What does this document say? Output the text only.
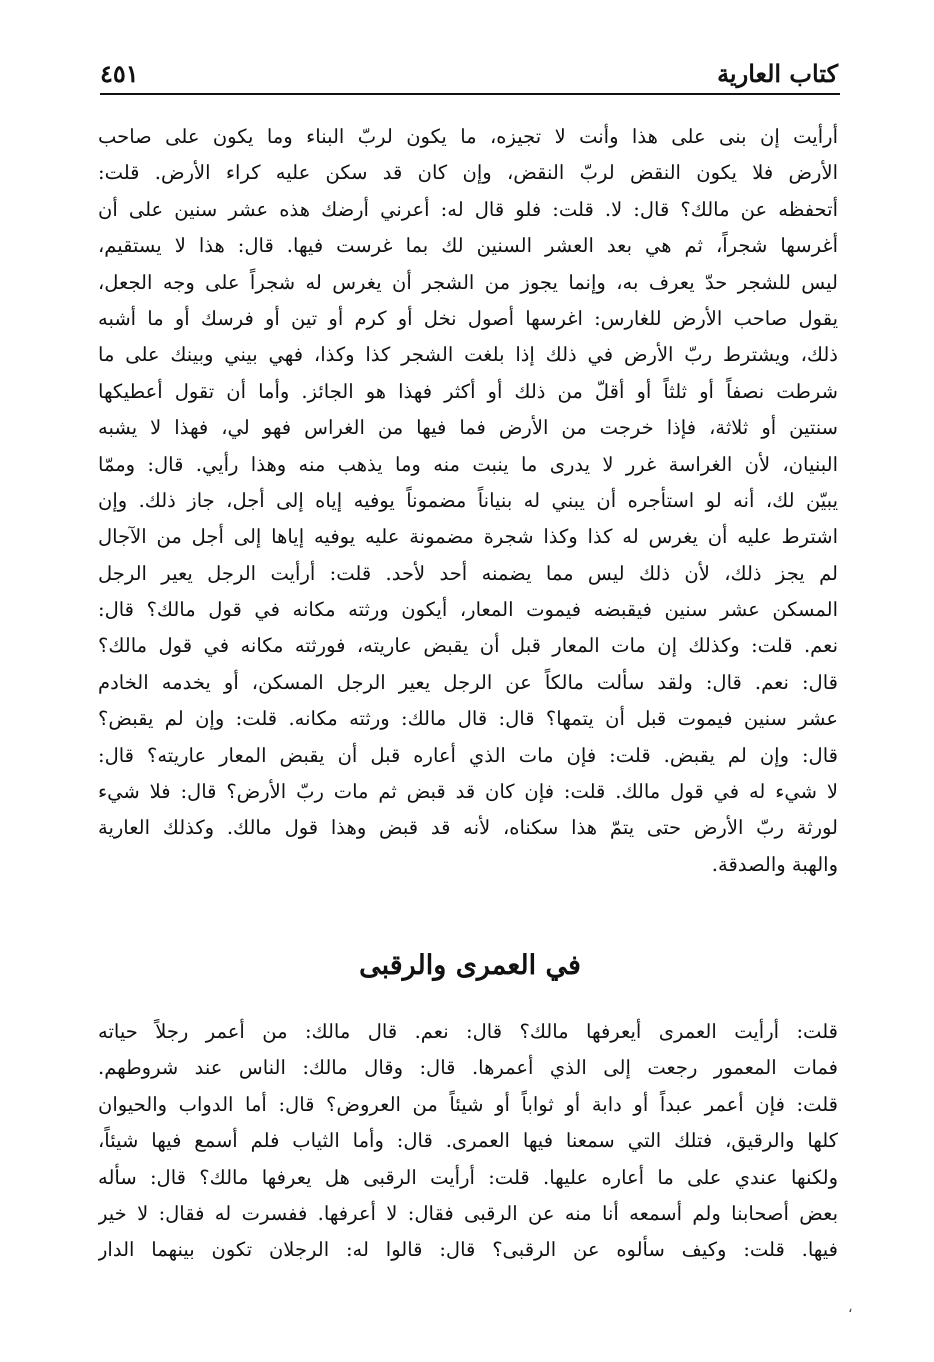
كتاب العارية
٤٥١
أرأيت إن بنى على هذا وأنت لا تجيزه، ما يكون لربّ البناء وما يكون على صاحب
الأرض فلا يكون النقض لربّ النقض، وإن كان قد سكن عليه كراء الأرض. قلت:
أتحفظه عن مالك؟ قال: لا. قلت: فلو قال له: أعرني أرضك هذه عشر سنين على أن
أغرسها شجراً، ثم هي بعد العشر السنين لك بما غرست فيها. قال: هذا لا يستقيم،
ليس للشجر حدّ يعرف به، وإنما يجوز من الشجر أن يغرس له شجراً على وجه الجعل،
يقول صاحب الأرض للغارس: اغرسها أصول نخل أو كرم أو تين أو فرسك أو ما أشبه
ذلك، ويشترط ربّ الأرض في ذلك إذا بلغت الشجر كذا وكذا، فهي بيني وبينك على ما
شرطت نصفاً أو ثلثاً أو أقلّ من ذلك أو أكثر فهذا هو الجائز. وأما أن تقول أعطيكها
سنتين أو ثلاثة، فإذا خرجت من الأرض فما فيها من الغراس فهو لي، فهذا لا يشبه
البنيان، لأن الغراسة غرر لا يدرى ما ينبت منه وما يذهب منه وهذا رأيي. قال: وممّا
يبيّن لك، أنه لو استأجره أن يبني له بنياناً مضموناً يوفيه إياه إلى أجل، جاز ذلك. وإن
اشترط عليه أن يغرس له كذا وكذا شجرة مضمونة عليه يوفيه إياها إلى أجل من الآجال
لم يجز ذلك، لأن ذلك ليس مما يضمنه أحد لأحد. قلت: أرأيت الرجل يعير الرجل
المسكن عشر سنين فيقبضه فيموت المعار، أيكون ورثته مكانه في قول مالك؟ قال:
نعم. قلت: وكذلك إن مات المعار قبل أن يقبض عاريته، فورثته مكانه في قول مالك؟
قال: نعم. قال: ولقد سألت مالكاً عن الرجل يعير الرجل المسكن، أو يخدمه الخادم
عشر سنين فيموت قبل أن يتمها؟ قال: قال مالك: ورثته مكانه. قلت: وإن لم يقبض؟
قال: وإن لم يقبض. قلت: فإن مات الذي أعاره قبل أن يقبض المعار عاريته؟ قال:
لا شيء له في قول مالك. قلت: فإن كان قد قبض ثم مات ربّ الأرض؟ قال: فلا شيء
لورثة ربّ الأرض حتى يتمّ هذا سكناه، لأنه قد قبض وهذا قول مالك. وكذلك العارية
والهبة والصدقة.
في العمرى والرقبى
قلت: أرأيت العمرى أيعرفها مالك؟ قال: نعم. قال مالك: من أعمر رجلاً حياته
فمات المعمور رجعت إلى الذي أعمرها. قال: وقال مالك: الناس عند شروطهم.
قلت: فإن أعمر عبداً أو دابة أو ثواباً أو شيئاً من العروض؟ قال: أما الدواب والحيوان
كلها والرقيق، فتلك التي سمعنا فيها العمرى. قال: وأما الثياب فلم أسمع فيها شيئاً،
ولكنها عندي على ما أعاره عليها. قلت: أرأيت الرقبى هل يعرفها مالك؟ قال: سأله
بعض أصحابنا ولم أسمعه أنا منه عن الرقبى فقال: لا أعرفها. ففسرت له فقال: لا خير
فيها. قلت: وكيف سألوه عن الرقبى؟ قال: قالوا له: الرجلان تكون بينهما الدار
،
